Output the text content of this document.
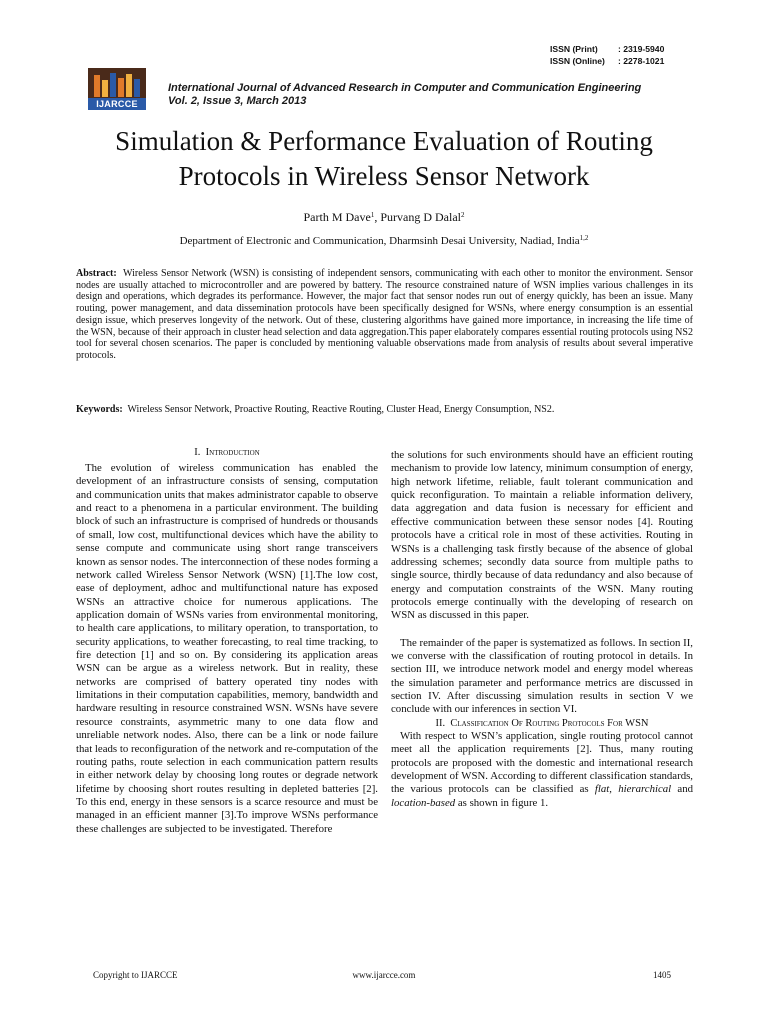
ISSN (Print) : 2319-5940
ISSN (Online) : 2278-1021
IJARCCE
International Journal of Advanced Research in Computer and Communication Engineering
Vol. 2, Issue 3, March 2013
Simulation & Performance Evaluation of Routing
Protocols in Wireless Sensor Network
Parth M Dave$^1$, Purvang D Dalal$^2$
Department of Electronic and Communication, Dharmsinh Desai University, Nadiad, India$^{1,2}$
Abstract: Wireless Sensor Network (WSN) is consisting of independent sensors, communicating with each other to monitor the environment. Sensor nodes are usually attached to microcontroller and are powered by battery. The resource constrained nature of WSN implies various challenges in its design and operations, which degrades its performance. However, the major fact that sensor nodes run out of energy quickly, has been an issue. Many routing, power management, and data dissemination protocols have been specifically designed for WSNs, where energy consumption is an essential design issue, which preserves longevity of the network. Out of these, clustering algorithms have gained more importance, in increasing the life time of the WSN, because of their approach in cluster head selection and data aggregation.This paper elaborately compares essential routing protocols using NS2 tool for several chosen scenarios. The paper is concluded by mentioning valuable observations made from analysis of results about several imperative protocols.
Keywords: Wireless Sensor Network, Proactive Routing, Reactive Routing, Cluster Head, Energy Consumption, NS2.

I. Introduction

The evolution of wireless communication has enabled the development of an infrastructure consists of sensing, computation and communication units that makes administrator capable to observe and react to a phenomena in a particular environment. The building block of such an infrastructure is comprised of hundreds or thousands of small, low cost, multifunctional devices which have the ability to sense compute and communicate using short range transceivers known as sensor nodes. The interconnection of these nodes forming a network called Wireless Sensor Network (WSN) [1].The low cost, ease of deployment, adhoc and multifunctional nature has exposed WSNs an attractive choice for numerous applications. The application domain of WSNs varies from environmental monitoring, to health care applications, to military operation, to transportation, to security applications, to weather forecasting, to real time tracking, to fire detection [1] and so on. By considering its application areas WSN can be argue as a wireless network. But in reality, these networks are comprised of battery operated tiny nodes with limitations in their computation capabilities, memory, bandwidth and hardware resulting in resource constrained WSN. WSNs have severe resource constraints, asymmetric many to one data flow and unreliable network nodes. Also, there can be a link or node failure that leads to reconfiguration of the network and re-computation of the routing paths, route selection in each communication pattern results in either network delay by choosing long routes or degrade network lifetime by choosing short routes resulting in depleted batteries [2]. To this end, energy in these sensors is a scarce resource and must be managed in an efficient manner [3].To improve WSNs performance these challenges are subjected to be investigated. Therefore

the solutions for such environments should have an efficient routing mechanism to provide low latency, minimum consumption of energy, high network lifetime, reliable, fault tolerant communication and quick reconfiguration. To maintain a reliable information delivery, data aggregation and data fusion is necessary for efficient and effective communication between these sensor nodes [4]. Routing protocols have a critical role in most of these activities. Routing in WSNs is a challenging task firstly because of the absence of global addressing schemes; secondly data source from multiple paths to single source, thirdly because of data redundancy and also because of energy and computation constraints of the WSN. Many routing protocols emerge continually with the developing of research on WSN as discussed in this paper.

The remainder of the paper is systematized as follows. In section II, we converse with the classification of routing protocol in details. In section III, we introduce network model and energy model whereas the simulation parameter and performance metrics are discussed in section IV. After discussing simulation results in section V we conclude with our inferences in section VI.

II. Classification Of Routing Protocols For WSN

With respect to WSN’s application, single routing protocol cannot meet all the application requirements [2]. Thus, many routing protocols are proposed with the domestic and international research development of WSN. According to different classification standards, the various protocols can be classified as flat, hierarchical and location-based as shown in figure 1.

Copyright to IJARCCE	www.ijarcce.com	1405
